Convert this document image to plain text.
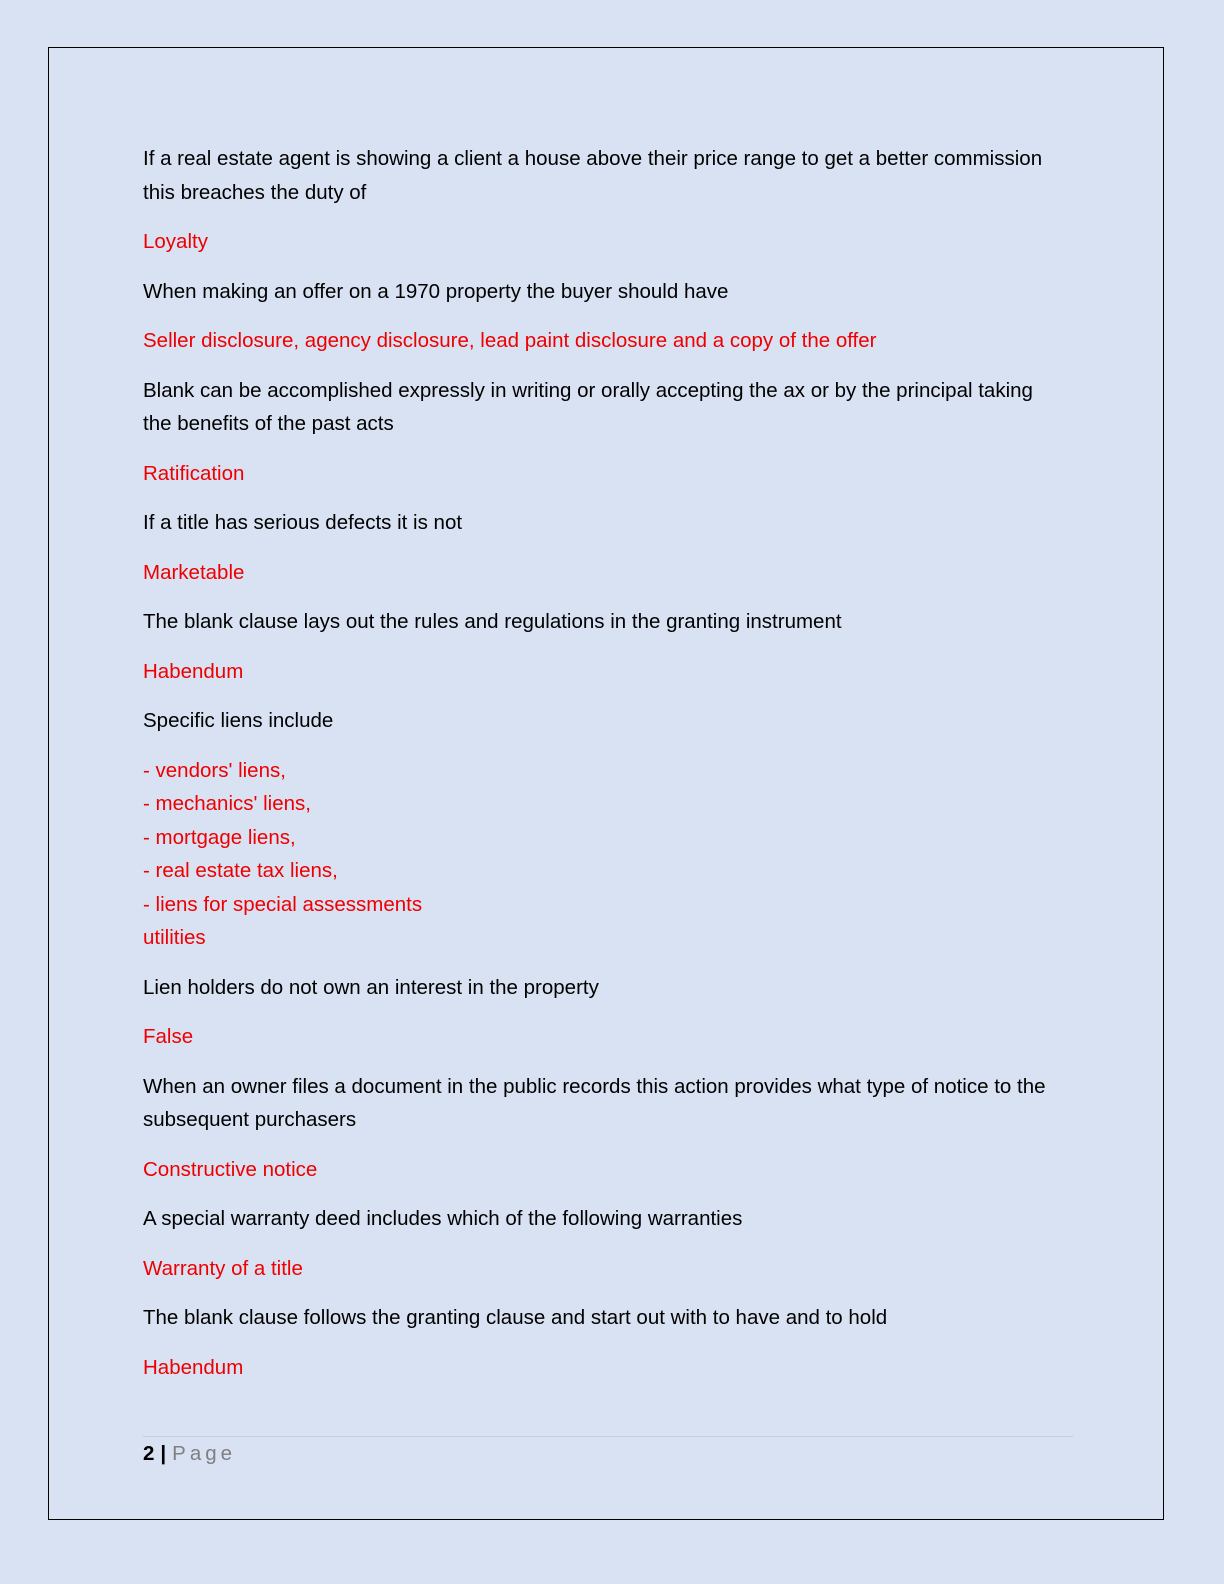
If a real estate agent is showing a client a house above their price range to get a better commission this breaches the duty of

Loyalty

When making an offer on a 1970 property the buyer should have

Seller disclosure, agency disclosure, lead paint disclosure and a copy of the offer

Blank can be accomplished expressly in writing or orally accepting the ax or by the principal taking the benefits of the past acts

Ratification

If a title has serious defects it is not

Marketable

The blank clause lays out the rules and regulations in the granting instrument

Habendum

Specific liens include

- vendors' liens,
- mechanics' liens,
- mortgage liens,
- real estate tax liens,
- liens for special assessments
utilities

Lien holders do not own an interest in the property

False

When an owner files a document in the public records this action provides what type of notice to the subsequent purchasers

Constructive notice

A special warranty deed includes which of the following warranties

Warranty of a title

The blank clause follows the granting clause and start out with to have and to hold

Habendum

2 | Page
